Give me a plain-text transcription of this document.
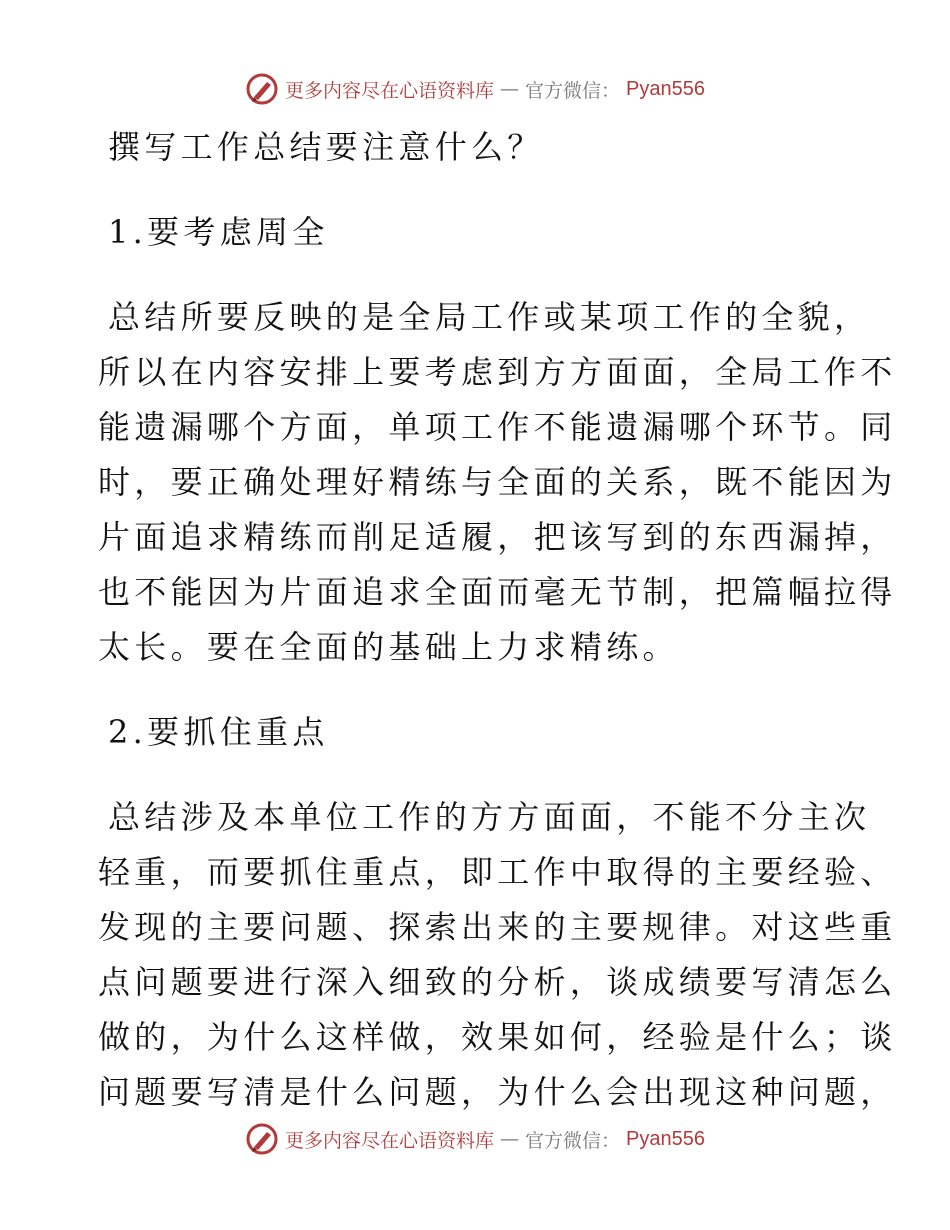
更多内容尽在心语资料库 — 官方微信： Pyan556
撰写工作总结要注意什么？
1.要考虑周全
总结所要反映的是全局工作或某项工作的全貌，
所以在内容安排上要考虑到方方面面，全局工作不
能遗漏哪个方面，单项工作不能遗漏哪个环节。同
时，要正确处理好精练与全面的关系，既不能因为
片面追求精练而削足适履，把该写到的东西漏掉，
也不能因为片面追求全面而毫无节制，把篇幅拉得
太长。要在全面的基础上力求精练。
2.要抓住重点
总结涉及本单位工作的方方面面，不能不分主次
轻重，而要抓住重点，即工作中取得的主要经验、
发现的主要问题、探索出来的主要规律。对这些重
点问题要进行深入细致的分析，谈成绩要写清怎么
做的，为什么这样做，效果如何，经验是什么；谈
问题要写清是什么问题，为什么会出现这种问题，
更多内容尽在心语资料库 — 官方微信： Pyan556
